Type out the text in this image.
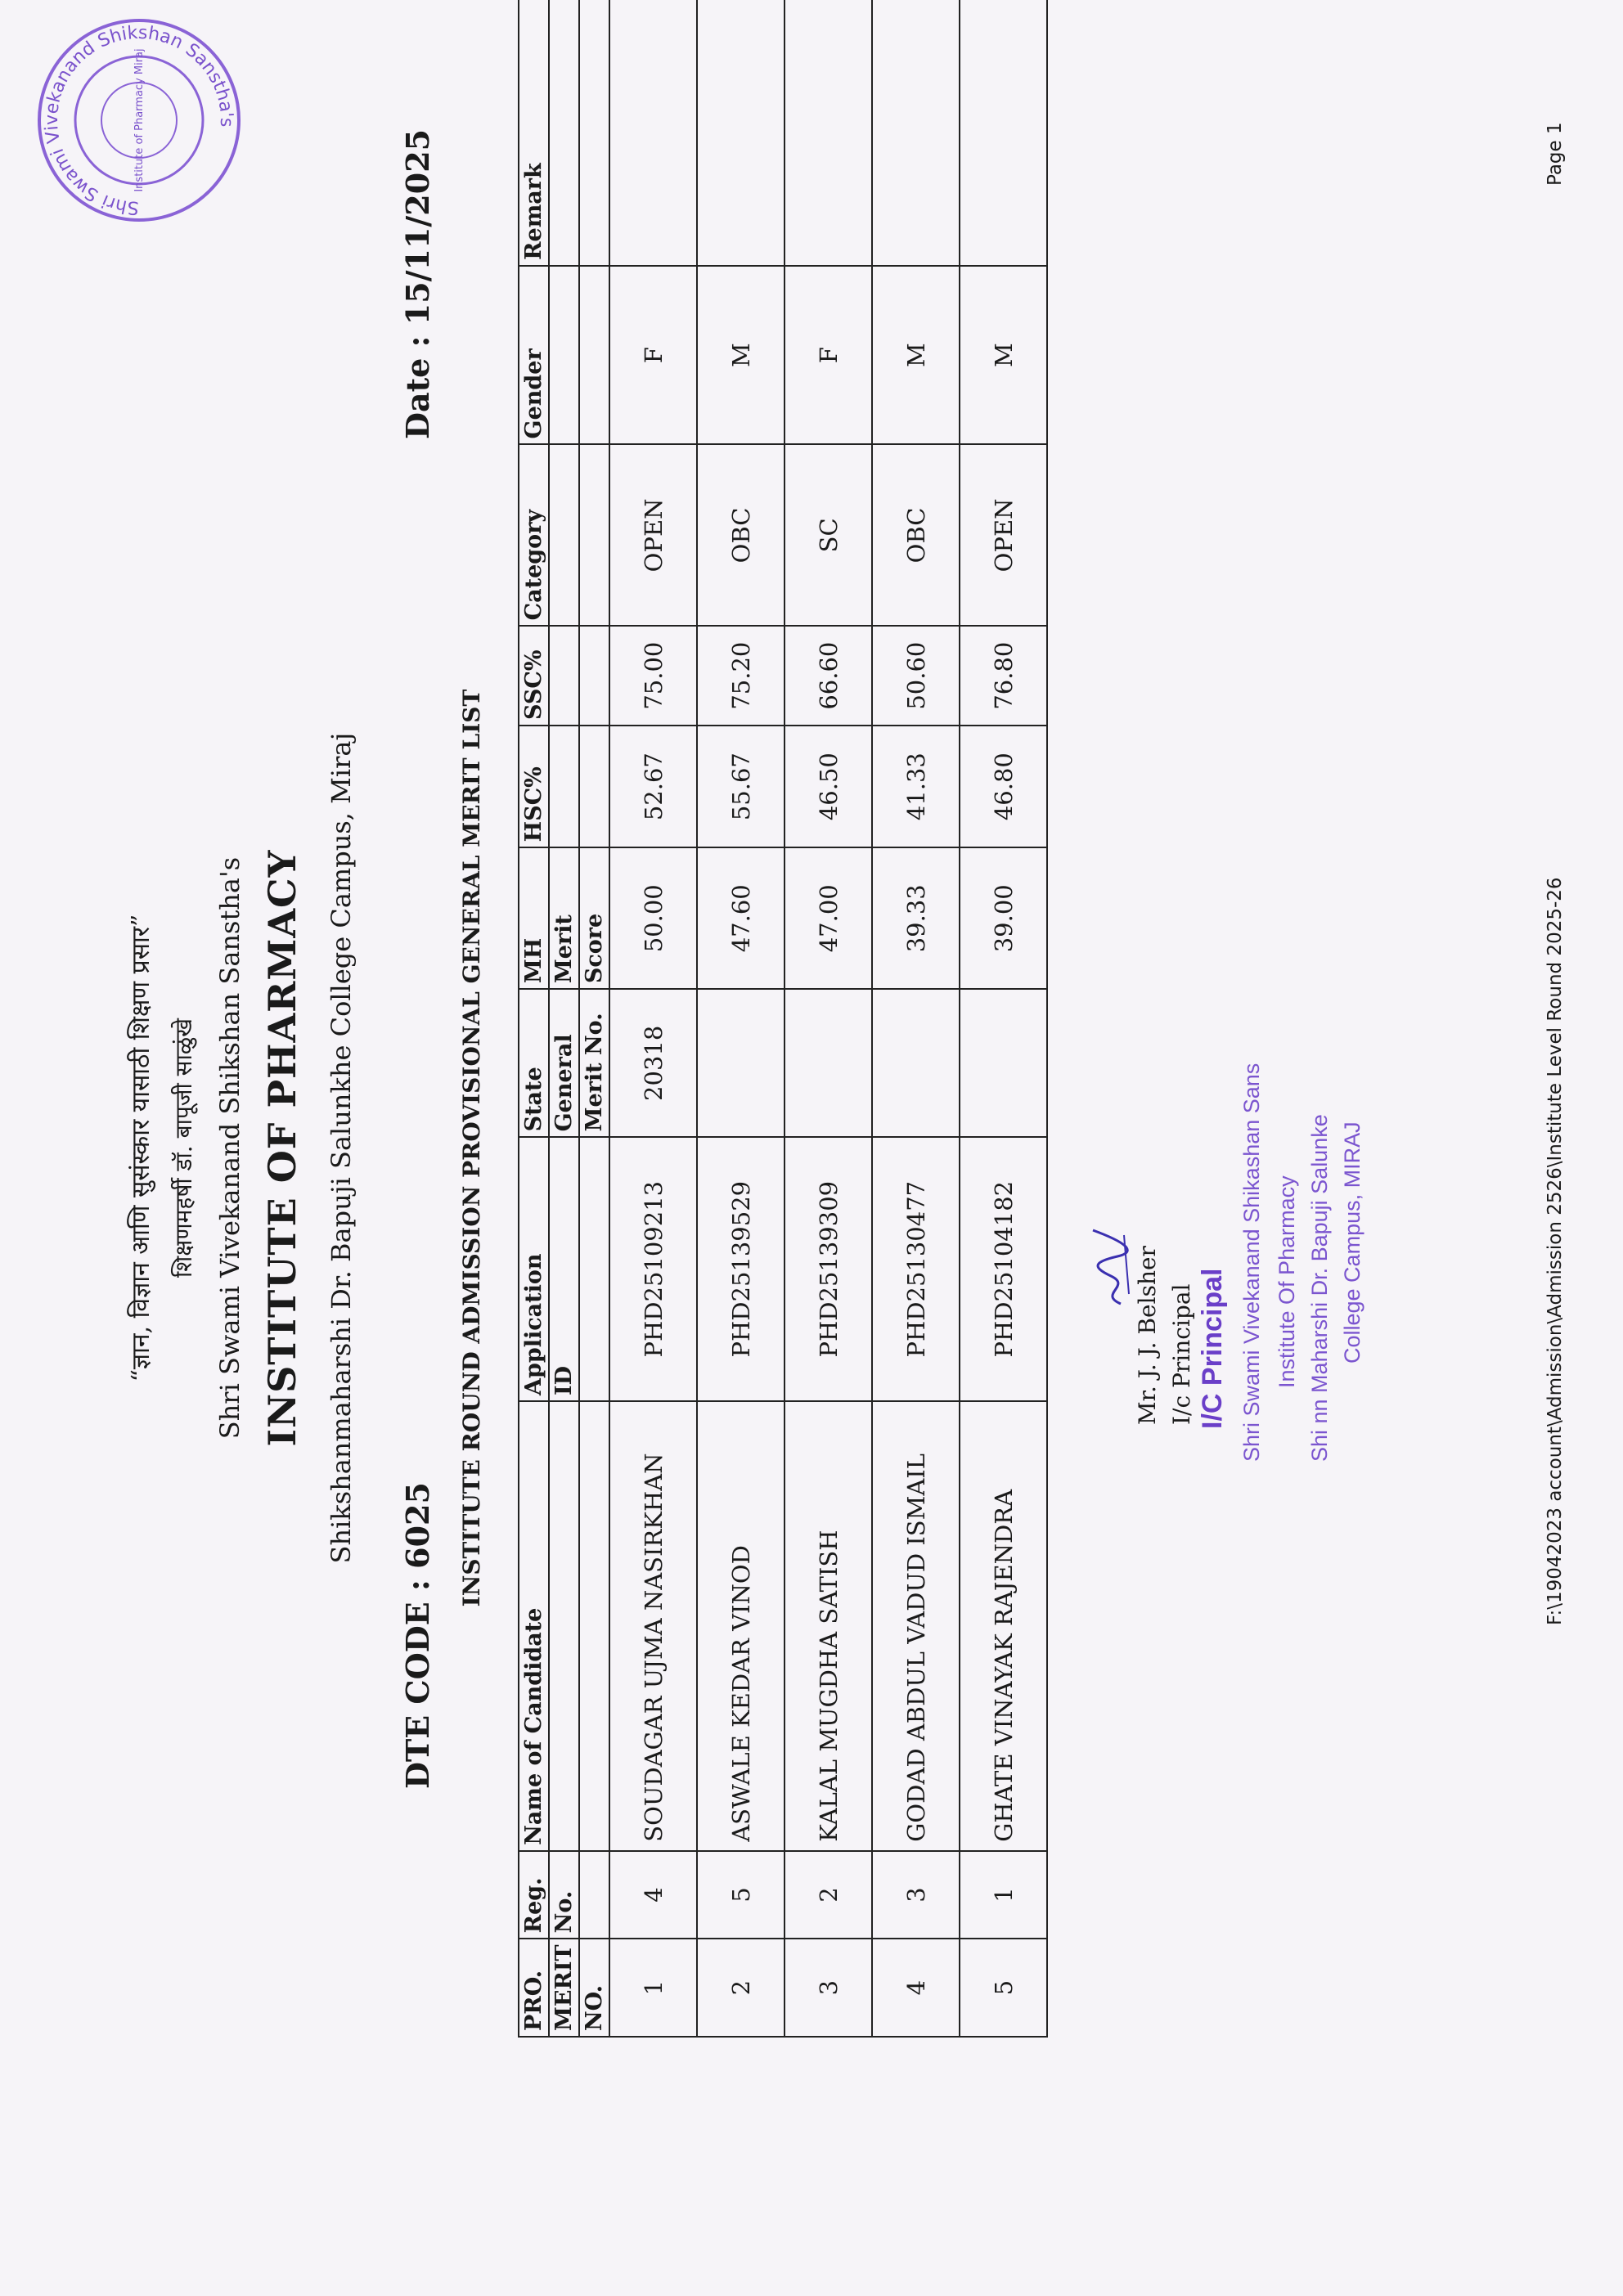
“ज्ञान, विज्ञान आणि सुसंस्कार यासाठी शिक्षण प्रसार” शिक्षणमहर्षी डॉ. बापूजी साळुंखे Shri Swami Vivekanand Shikshan Sanstha's INSTITUTE OF PHARMACY Shikshanmaharshi Dr. Bapuji Salunkhe College Campus, Miraj
DTE CODE : 6025
Date : 15/11/2025
INSTITUTE ROUND ADMISSION PROVISIONAL GENERAL MERIT LIST
PRO.	Reg.	Name of Candidate	Application	State	MH	HSC%	SSC%	Category	Gender	Remark
MERIT	No.		ID	General	Merit					
NO.				Merit No.	Score					
1	4	SOUDAGAR UJMA NASIRKHAN	PHD25109213	20318	50.00	52.67	75.00	OPEN	F	
2	5	ASWALE KEDAR VINOD	PHD25139529		47.60	55.67	75.20	OBC	M	
3	2	KALAL MUGDHA SATISH	PHD25139309		47.00	46.50	66.60	SC	F	
4	3	GODAD ABDUL VADUD ISMAIL	PHD25130477		39.33	41.33	50.60	OBC	M	
5	1	GHATE VINAYAK RAJENDRA	PHD25104182		39.00	46.80	76.80	OPEN	M	
Mr. J. J. Belsher I/c Principal I/C Principal Shri Swami Vivekanand Shikashan Sans Institute Of Pharmacy Shi nn Maharshi Dr. Bapuji Salunke College Campus, MIRAJ	F:\19042023 account\Admission\Admission 2526\Institute Level Round 2025-26
Page 1
Shri Swami Vivekanand Shikshan Sanstha's
Institute of Pharmacy Miraj
